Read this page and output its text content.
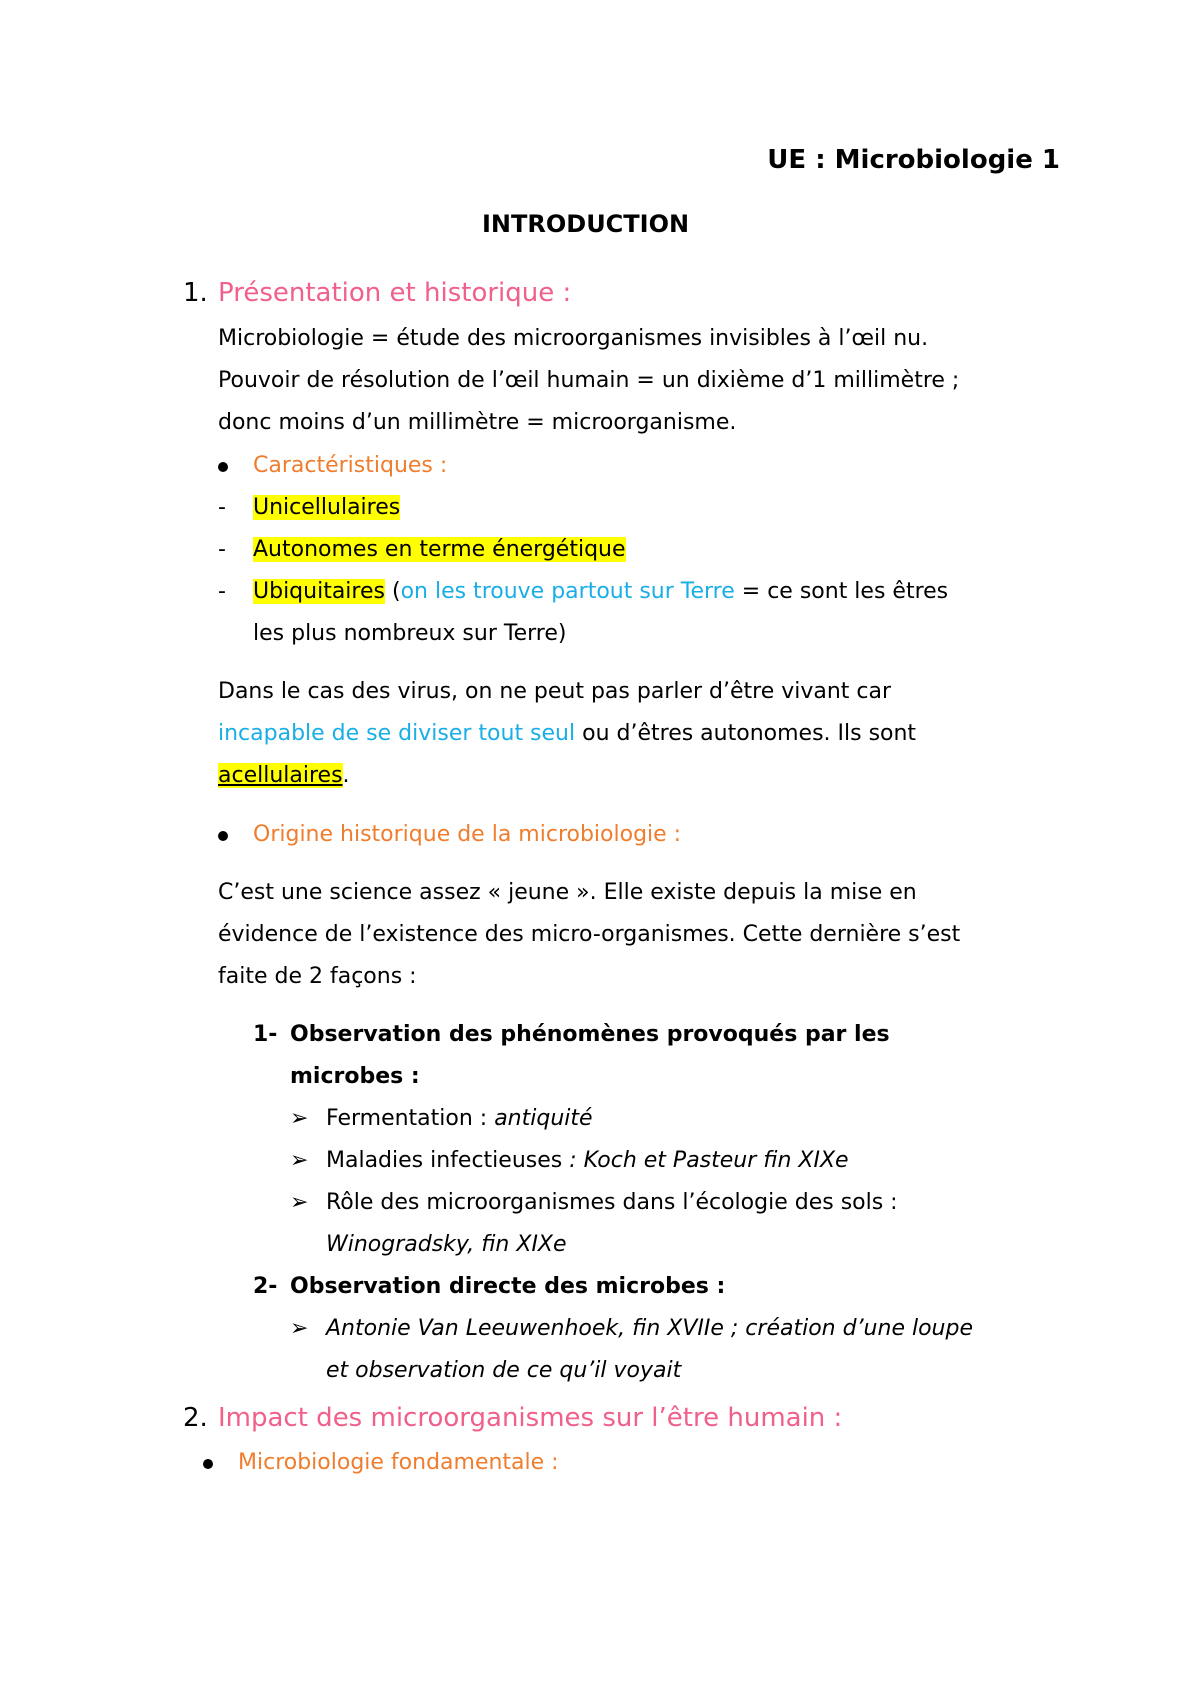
UE : Microbiologie 1
INTRODUCTION
1. Présentation et historique :
Microbiologie = étude des microorganismes invisibles à l’œil nu.
Pouvoir de résolution de l’œil humain = un dixième d’1 millimètre ;
donc moins d’un millimètre = microorganisme.
Caractéristiques :
- Unicellulaires
- Autonomes en terme énergétique
- Ubiquitaires (on les trouve partout sur Terre = ce sont les êtres
les plus nombreux sur Terre)
Dans le cas des virus, on ne peut pas parler d’être vivant car
incapable de se diviser tout seul ou d’êtres autonomes. Ils sont
acellulaires.
Origine historique de la microbiologie :
C’est une science assez « jeune ». Elle existe depuis la mise en
évidence de l’existence des micro-organismes. Cette dernière s’est
faite de 2 façons :
1- Observation des phénomènes provoqués par les
microbes :
➢ Fermentation : antiquité
➢ Maladies infectieuses : Koch et Pasteur fin XIXe
➢ Rôle des microorganismes dans l’écologie des sols :
Winogradsky, fin XIXe
2- Observation directe des microbes :
➢ Antonie Van Leeuwenhoek, fin XVIIe ; création d’une loupe
et observation de ce qu’il voyait
2. Impact des microorganismes sur l’être humain :
Microbiologie fondamentale :
